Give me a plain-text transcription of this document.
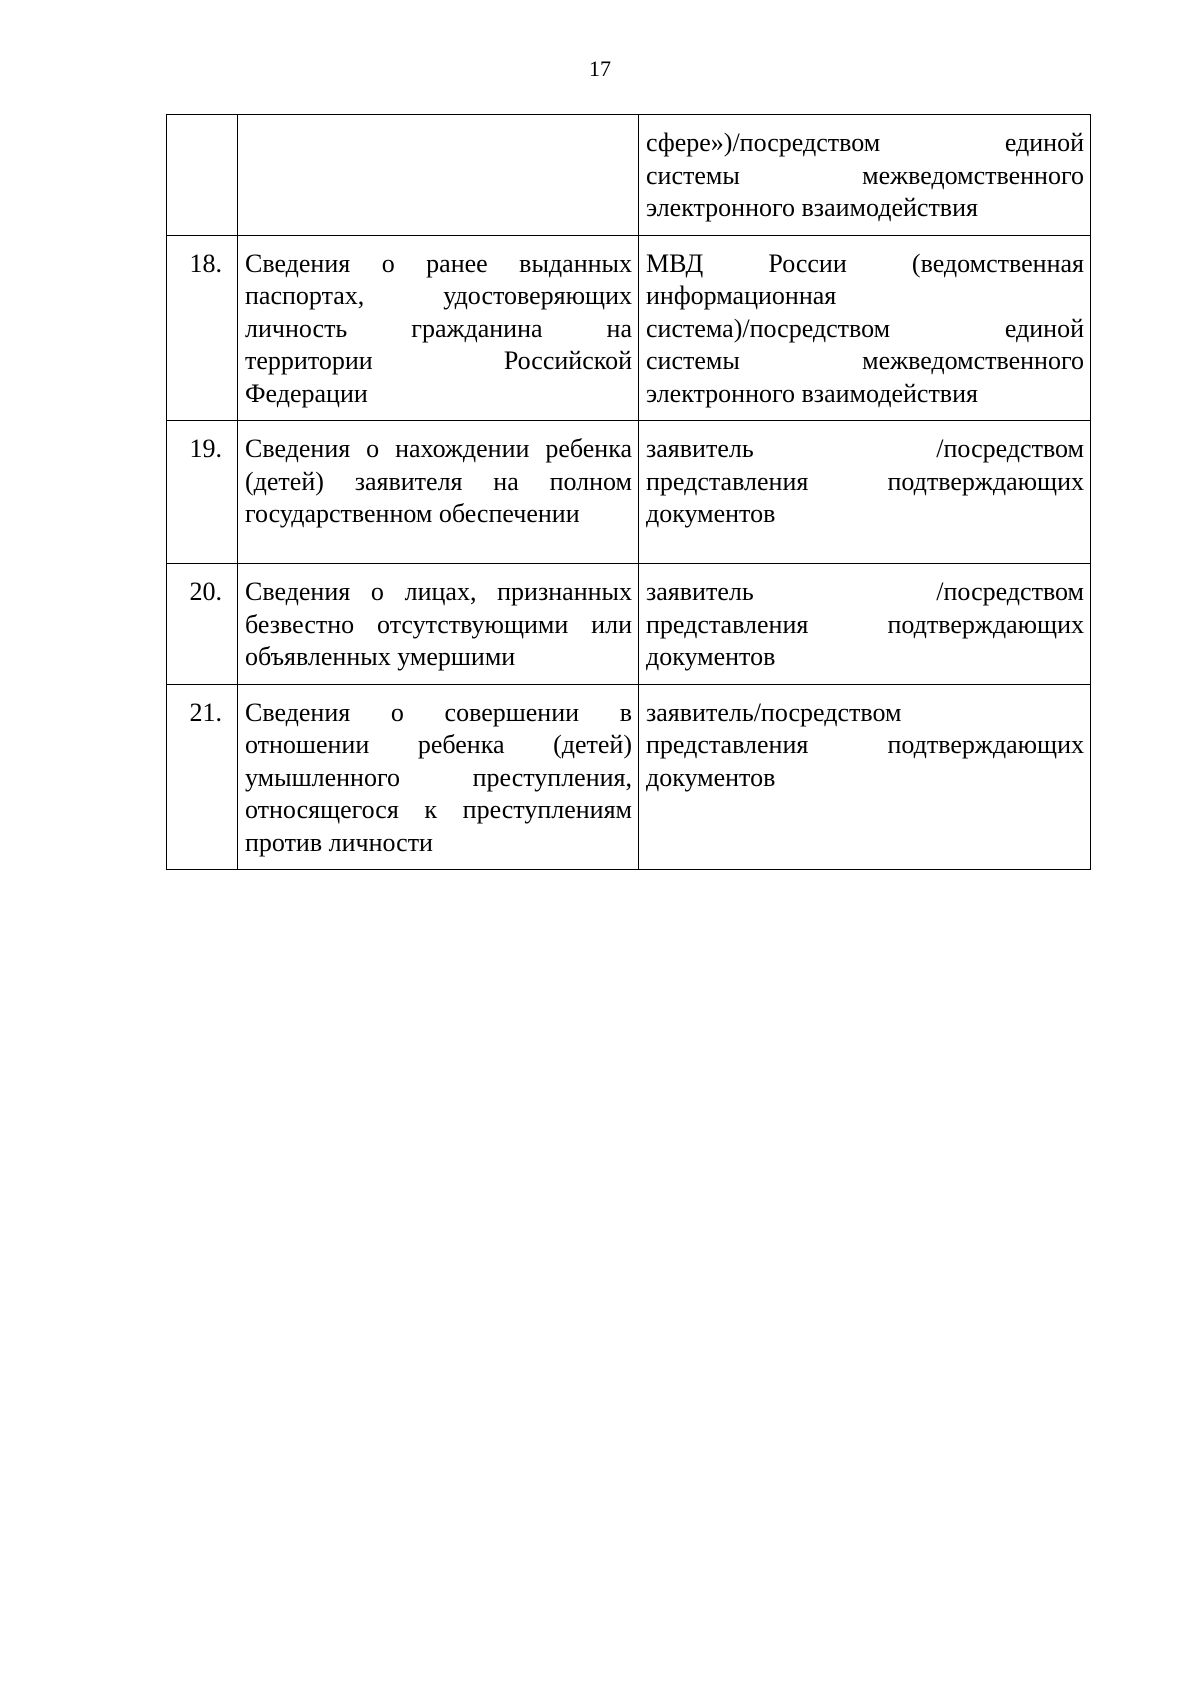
17

		сфере»)/посредством единой
системы межведомственного
электронного взаимодействия

18.	Сведения о ранее выданных паспортах, удостоверяющих личность гражданина на территории Российской Федерации	МВД России (ведомственная
информационная
система)/посредством единой
системы межведомственного
электронного взаимодействия

19.	Сведения о нахождении ребенка (детей) заявителя на полном государственном обеспечении	заявитель /посредством
представления подтверждающих
документов

20.	Сведения о лицах, признанных безвестно отсутствующими или объявленных умершими	заявитель /посредством
представления подтверждающих
документов

21.	Сведения о совершении в отношении ребенка (детей) умышленного преступления, относящегося к преступлениям против личности	заявитель/посредством
представления подтверждающих
документов
